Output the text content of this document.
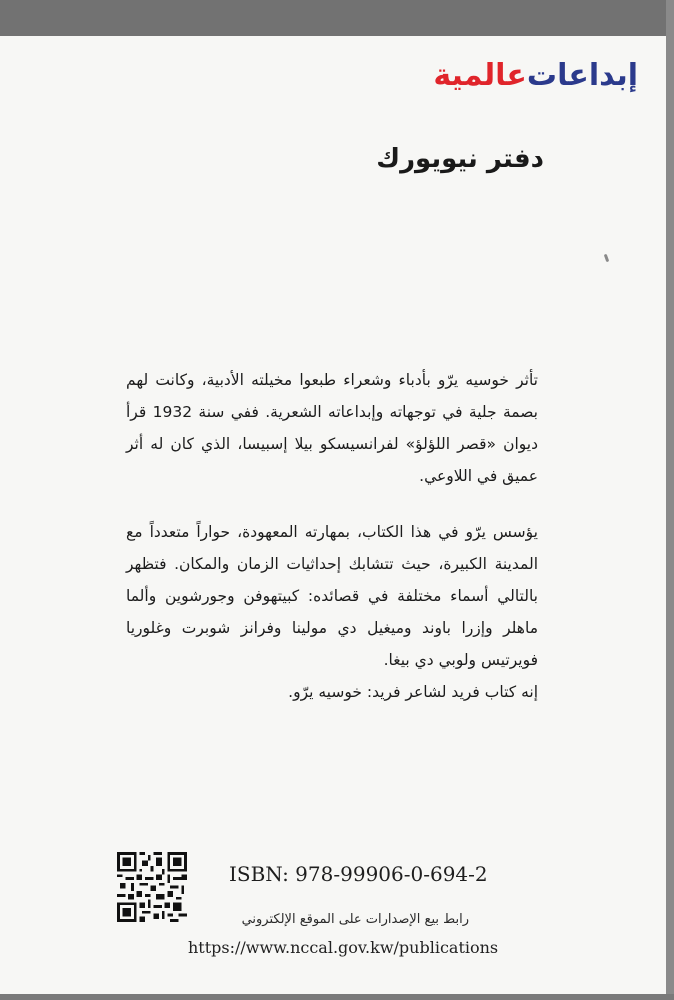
إبداعات
عالمية
دفتر نيويورك

تأثر خوسيه يرّو بأدباء وشعراء طبعوا مخيلته الأدبية، وكانت لهم بصمة جلية في توجهاته وإبداعاته الشعرية. ففي سنة 1932 قرأ ديوان «قصر اللؤلؤ» لفرانسيسكو بيلا إسبيسا، الذي كان له أثر عميق في اللاوعي.

يؤسس يرّو في هذا الكتاب، بمهارته المعهودة، حواراً متعدداً مع المدينة الكبيرة، حيث تتشابك إحداثيات الزمان والمكان. فتظهر بالتالي أسماء مختلفة في قصائده: كبيتهوفن وجورشوين وألما ماهلر وإزرا باوند وميغيل دي مولينا وفرانز شوبرت وغلوريا فويرتيس ولوبي دي بيغا.

إنه كتاب فريد لشاعر فريد: خوسيه يرّو.
ISBN: 978-99906-0-694-2
رابط بيع الإصدارات على الموقع الإلكتروني
https://www.nccal.gov.kw/publications
